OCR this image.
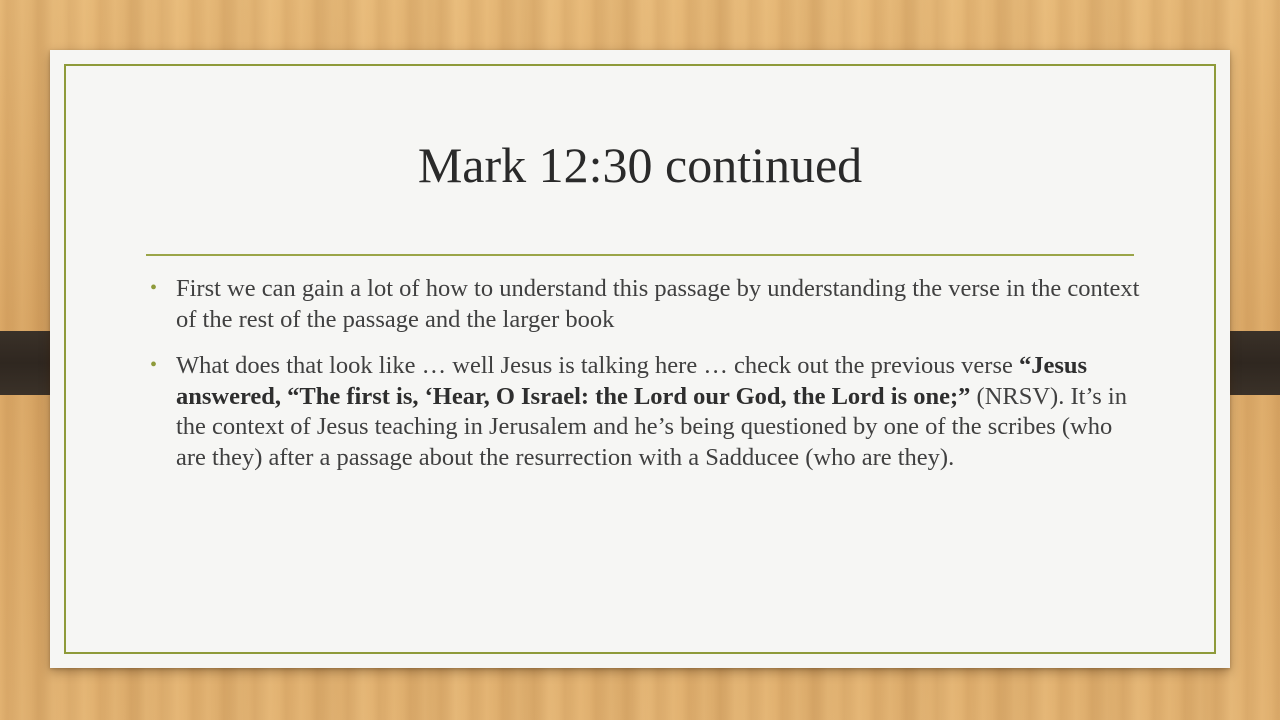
Mark 12:30 continued
• First we can gain a lot of how to understand this passage by understanding the verse in the context of the rest of the passage and the larger book
• What does that look like … well Jesus is talking here … check out the previous verse “Jesus answered, “The first is, ‘Hear, O Israel: the Lord our God, the Lord is one;” (NRSV). It’s in the context of Jesus teaching in Jerusalem and he’s being questioned by one of the scribes (who are they) after a passage about the resurrection with a Sadducee (who are they).
